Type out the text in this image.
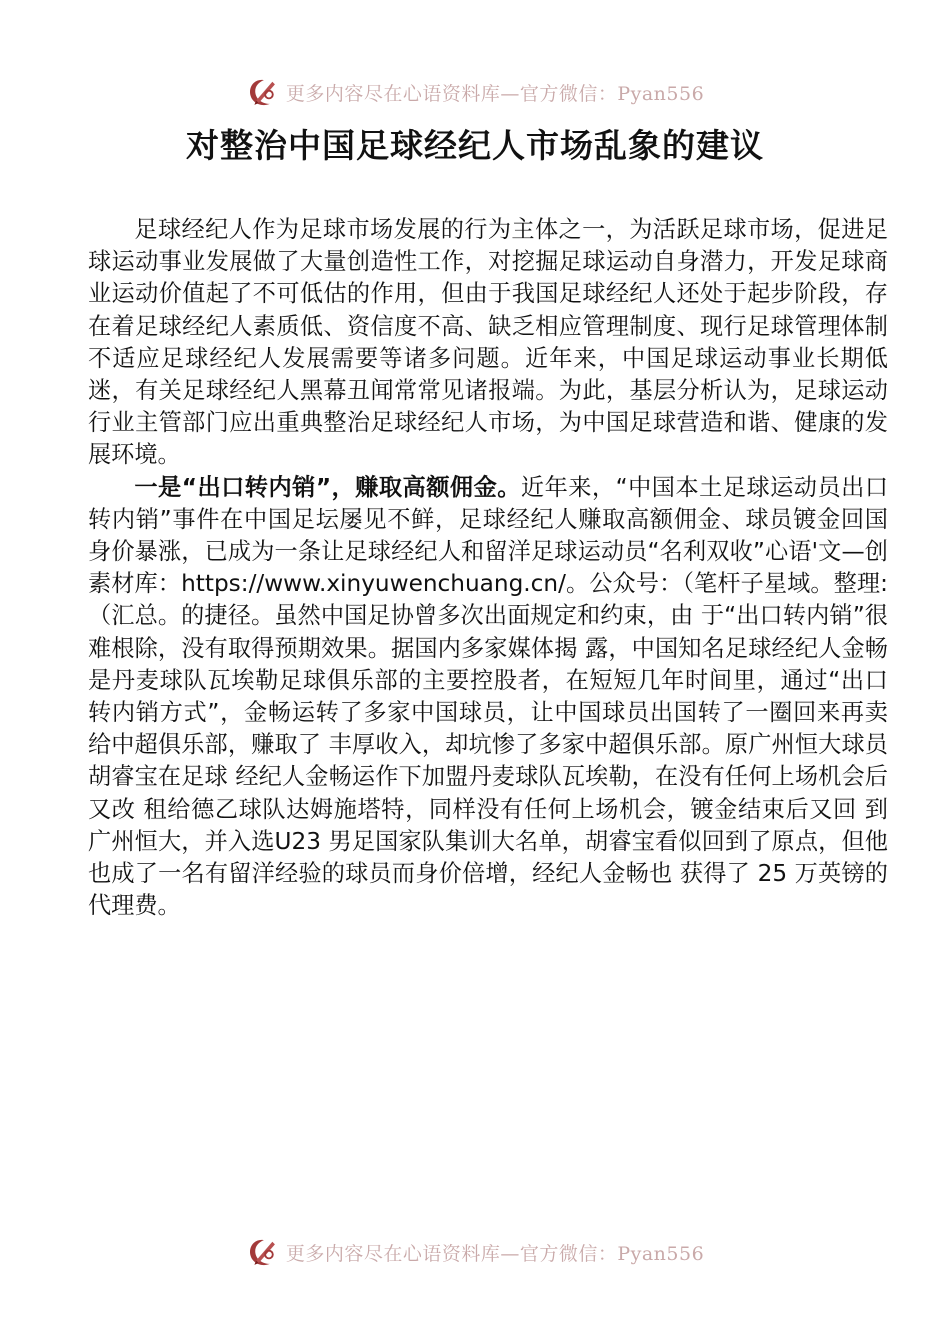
更多内容尽在心语资料库—官方微信：Pyan556
对整治中国足球经纪人市场乱象的建议

足球经纪人作为足球市场发展的行为主体之一，为活跃足球市场，促进足球运动事业发展做了大量创造性工作，对挖掘足球运动自身潜力，开发足球商业运动价值起了不可低估的作用，但由于我国足球经纪人还处于起步阶段，存在着足球经纪人素质低、资信度不高、缺乏相应管理制度、现行足球管理体制不适应足球经纪人发展需要等诸多问题。近年来，中国足球运动事业长期低迷，有关足球经纪人黑幕丑闻常常见诸报端。为此，基层分析认为，足球运动行业主管部门应出重典整治足球经纪人市场，为中国足球营造和谐、健康的发展环境。

一是“出口转内销”，赚取高额佣金。近年来，“中国本土足球运动员出口转内销”事件在中国足坛屡见不鲜，足球经纪人赚取高额佣金、球员镀金回国身价暴涨，已成为一条让足球经纪人和留洋足球运动员“名利双收”心语'文—创素材库：https://www.xinyuwenchuang.cn/。公众号：（笔杆子星域。整理:（汇总。的捷径。虽然中国足协曾多次出面规定和约束，由 于“出口转内销”很难根除，没有取得预期效果。据国内多家媒体揭 露，中国知名足球经纪人金畅是丹麦球队瓦埃勒足球俱乐部的主要控股者，在短短几年时间里，通过“出口转内销方式”，金畅运转了多家中国球员，让中国球员出国转了一圈回来再卖给中超俱乐部，赚取了 丰厚收入，却坑惨了多家中超俱乐部。原广州恒大球员胡睿宝在足球 经纪人金畅运作下加盟丹麦球队瓦埃勒，在没有任何上场机会后又改 租给德乙球队达姆施塔特，同样没有任何上场机会，镀金结束后又回 到广州恒大，并入选U23 男足国家队集训大名单，胡睿宝看似回到了原点，但他也成了一名有留洋经验的球员而身价倍增，经纪人金畅也 获得了 25 万英镑的代理费。

更多内容尽在心语资料库—官方微信：Pyan556
